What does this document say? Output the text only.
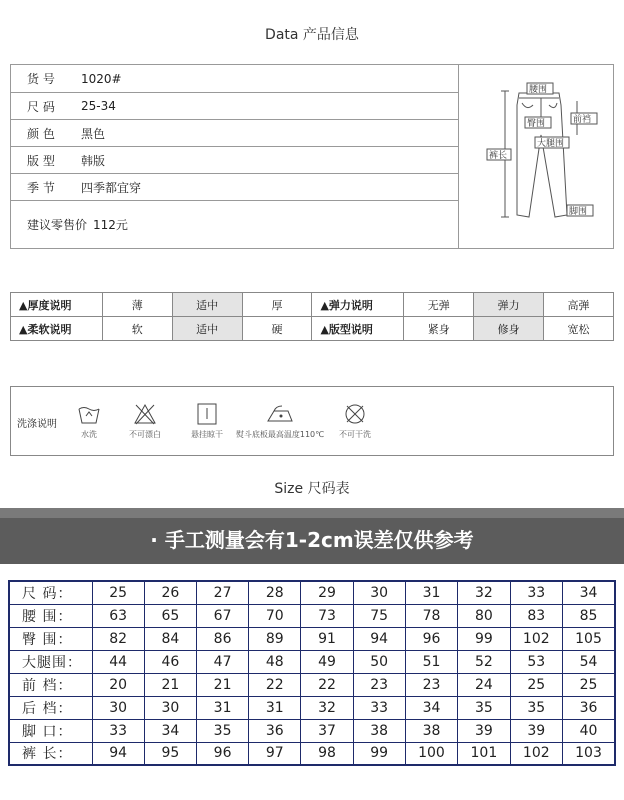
Data 产品信息
货 号	1020#
尺 码	25-34
颜 色	黑色
版 型	韩版
季 节	四季都宜穿
建议零售价 112元
腰围
臀围	前裆
大腿围
裤长
脚围
▲厚度说明	薄	适中	厚	▲弹力说明	无弹	弹力	高弹
▲柔软说明	软	适中	硬	▲版型说明	紧身	修身	宽松
洗涤说明
水洗	不可漂白	悬挂晾干	熨斗底板最高温度110℃	不可干洗
Size 尺码表
· 手工测量会有1-2cm误差仅供参考
尺 码：	25	26	27	28	29	30	31	32	33	34
腰 围：	63	65	67	70	73	75	78	80	83	85
臀 围：	82	84	86	89	91	94	96	99	102	105
大腿围：	44	46	47	48	49	50	51	52	53	54
前 档：	20	21	21	22	22	23	23	24	25	25
后 档：	30	30	31	31	32	33	34	35	35	36
脚 口：	33	34	35	36	37	38	38	39	39	40
裤 长：	94	95	96	97	98	99	100	101	102	103
